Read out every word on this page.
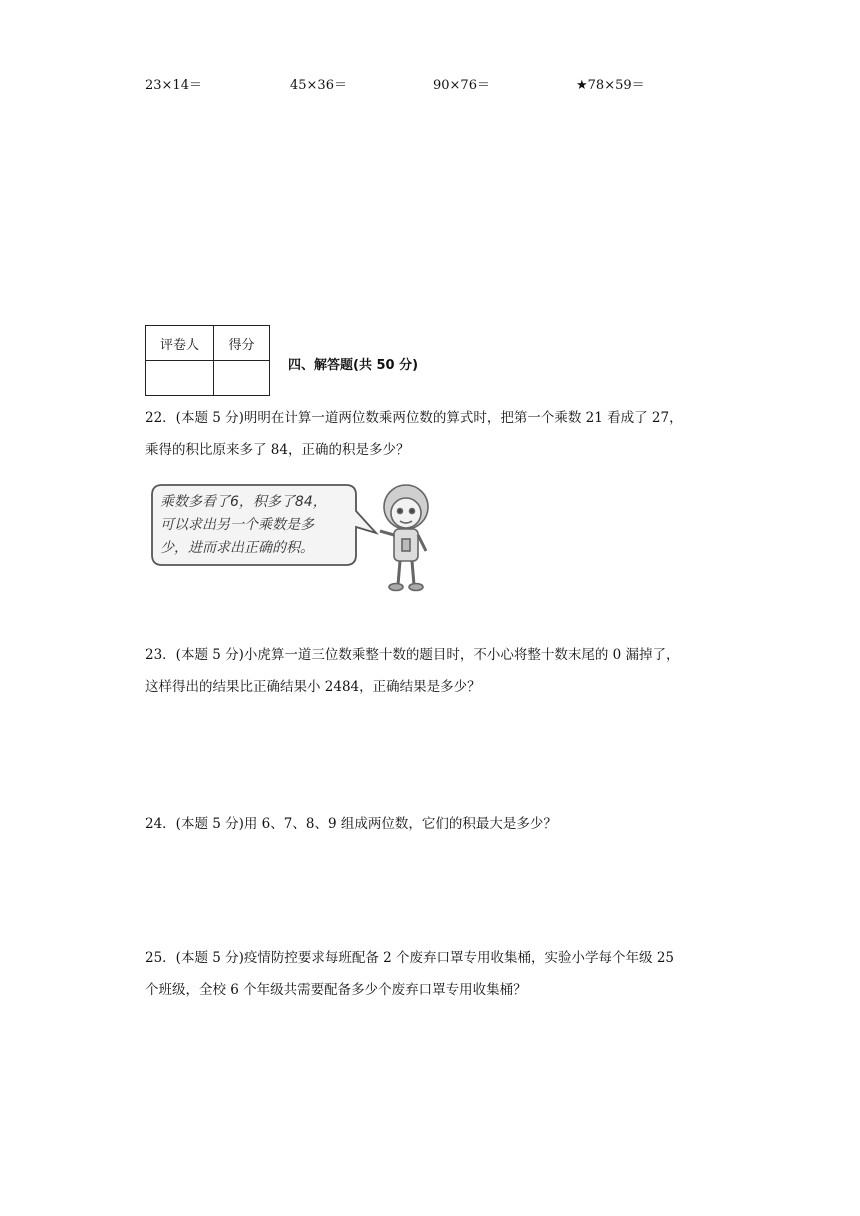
23×14＝	45×36＝	90×76＝	★78×59＝
评卷人	得分

四、解答题(共 50 分)
22．(本题 5 分)明明在计算一道两位数乘两位数的算式时，把第一个乘数 21 看成了 27，
乘得的积比原来多了 84，正确的积是多少？
乘数多看了6，积多了84，
可以求出另一个乘数是多
少，进而求出正确的积。
23．(本题 5 分)小虎算一道三位数乘整十数的题目时，不小心将整十数末尾的 0 漏掉了，
这样得出的结果比正确结果小 2484，正确结果是多少？
24．(本题 5 分)用 6、7、8、9 组成两位数，它们的积最大是多少？
25．(本题 5 分)疫情防控要求每班配备 2 个废弃口罩专用收集桶，实验小学每个年级 25
个班级，全校 6 个年级共需要配备多少个废弃口罩专用收集桶？
